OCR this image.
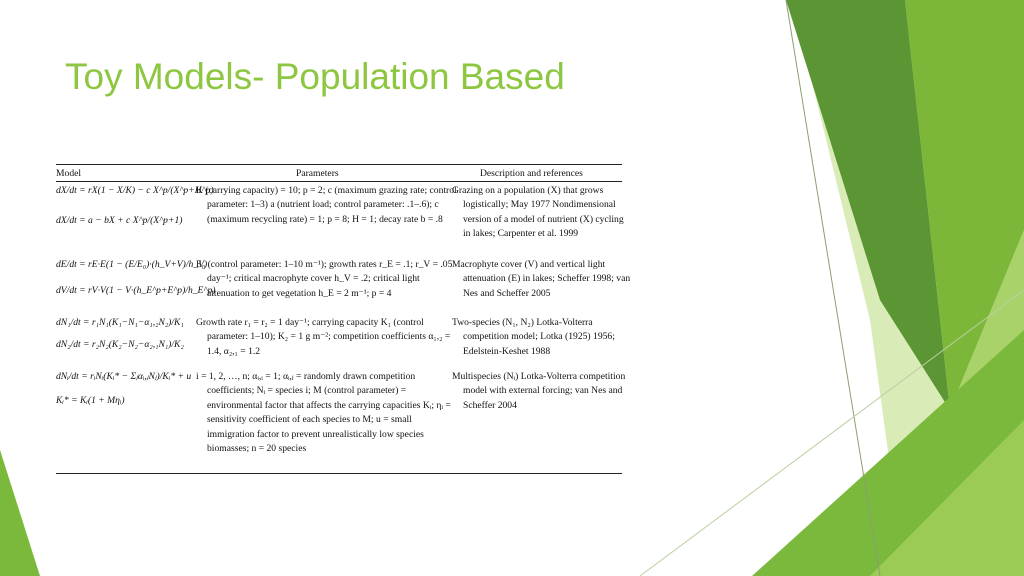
Toy Models- Population Based
Model	Parameters	Description and references
dX/dt = rX(1 − X/K) − c X^p/(X^p+H^p)
dX/dt = a − bX + c X^p/(X^p+1)
K (carrying capacity) = 10; p = 2; c (maximum grazing rate; control parameter: 1–3) a (nutrient load; control parameter: .1–.6); c (maximum recycling rate) = 1; p = 8; H = 1; decay rate b = .8
Grazing on a population (X) that grows logistically; May 1977 Nondimensional version of a model of nutrient (X) cycling in lakes; Carpenter et al. 1999
dE/dt = rE·E(1 − (E/E₀)·(h_V+V)/h_V)
dV/dt = rV·V(1 − V·(h_E^p+E^p)/h_E^p)
E₀ (control parameter: 1–10 m⁻¹); growth rates r_E = .1; r_V = .05 day⁻¹; critical macrophyte cover h_V = .2; critical light attenuation to get vegetation h_E = 2 m⁻¹; p = 4
Macrophyte cover (V) and vertical light attenuation (E) in lakes; Scheffer 1998; van Nes and Scheffer 2005
dN₁/dt = r₁N₁(K₁−N₁−α₁,₂N₂)/K₁
dN₂/dt = r₂N₂(K₂−N₂−α₂,₁N₁)/K₂
Growth rate r₁ = r₂ = 1 day⁻¹; carrying capacity K₁ (control parameter: 1–10); K₂ = 1 g m⁻²; competition coefficients α₁,₂ = 1.4, α₂,₁ = 1.2
Two-species (N₁, N₂) Lotka-Volterra competition model; Lotka (1925) 1956; Edelstein-Keshet 1988
dNᵢ/dt = rᵢNᵢ(Kᵢ* − Σⱼαᵢ,ⱼNⱼ)/Kᵢ* + u
Kᵢ* = Kᵢ(1 + Mηᵢ)
i = 1, 2, …, n; αᵢ,ᵢ = 1; αᵢ,ⱼ = randomly drawn competition coefficients; Nᵢ = species i; M (control parameter) = environmental factor that affects the carrying capacities Kᵢ; ηᵢ = sensitivity coefficient of each species to M; u = small immigration factor to prevent unrealistically low species biomasses; n = 20 species
Multispecies (Nᵢ) Lotka-Volterra competition model with external forcing; van Nes and Scheffer 2004
